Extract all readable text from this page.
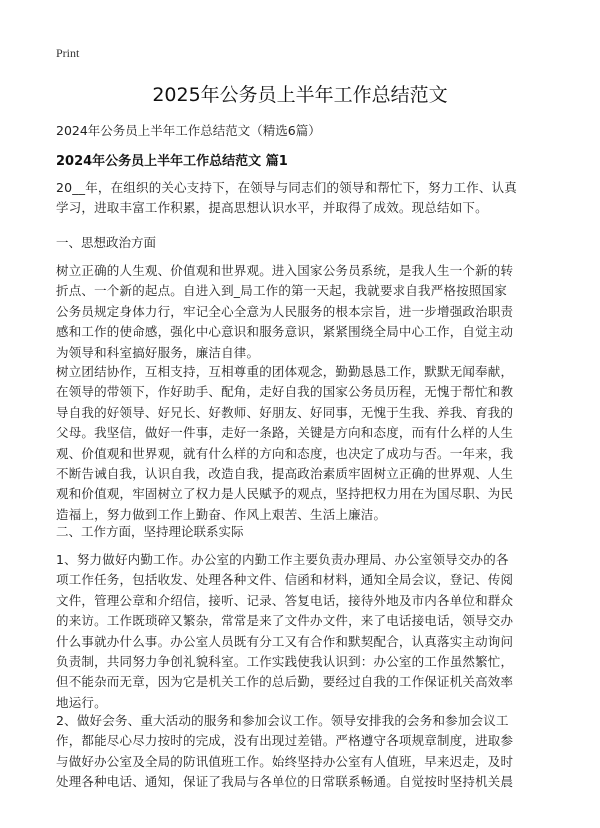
Print
2025年公务员上半年工作总结范文
2024年公务员上半年工作总结范文（精选6篇）
2024年公务员上半年工作总结范文 篇1

20__年，在组织的关心支持下，在领导与同志们的领导和帮忙下，努力工作、认真
学习，进取丰富工作积累，提高思想认识水平，并取得了成效。现总结如下。

一、思想政治方面

树立正确的人生观、价值观和世界观。进入国家公务员系统，是我人生一个新的转
折点、一个新的起点。自进入到_局工作的第一天起，我就要求自我严格按照国家
公务员规定身体力行，牢记全心全意为人民服务的根本宗旨，进一步增强政治职责
感和工作的使命感，强化中心意识和服务意识，紧紧围绕全局中心工作，自觉主动
为领导和科室搞好服务，廉洁自律。

树立团结协作，互相支持，互相尊重的团体观念，勤勤恳恳工作，默默无闻奉献，
在领导的带领下，作好助手、配角，走好自我的国家公务员历程，无愧于帮忙和教
导自我的好领导、好兄长、好教师、好朋友、好同事，无愧于生我、养我、育我的
父母。我坚信，做好一件事，走好一条路，关键是方向和态度，而有什么样的人生
观、价值观和世界观，就有什么样的方向和态度，也决定了成功与否。一年来，我
不断告诫自我，认识自我，改造自我，提高政治素质牢固树立正确的世界观、人生
观和价值观，牢固树立了权力是人民赋予的观点，坚持把权力用在为国尽职、为民
造福上，努力做到工作上勤奋、作风上艰苦、生活上廉洁。

二、工作方面，坚持理论联系实际

1、努力做好内勤工作。办公室的内勤工作主要负责办理局、办公室领导交办的各
项工作任务，包括收发、处理各种文件、信函和材料，通知全局会议，登记、传阅
文件，管理公章和介绍信，接听、记录、答复电话，接待外地及市内各单位和群众
的来访。工作既琐碎又繁杂，常常是来了文件办文件，来了电话接电话，领导交办
什么事就办什么事。办公室人员既有分工又有合作和默契配合，认真落实主动询问
负责制，共同努力争创礼貌科室。工作实践使我认识到：办公室的工作虽然繁忙，
但不能杂而无章，因为它是机关工作的总后勤，要经过自我的工作保证机关高效率
地运行。

2、做好会务、重大活动的服务和参加会议工作。领导安排我的会务和参加会议工
作，都能尽心尽力按时的完成，没有出现过差错。严格遵守各项规章制度，进取参
与做好办公室及全局的防讯值班工作。始终坚持办公室有人值班，早来迟走，及时
处理各种电话、通知，保证了我局与各单位的日常联系畅通。自觉按时坚持机关晨
